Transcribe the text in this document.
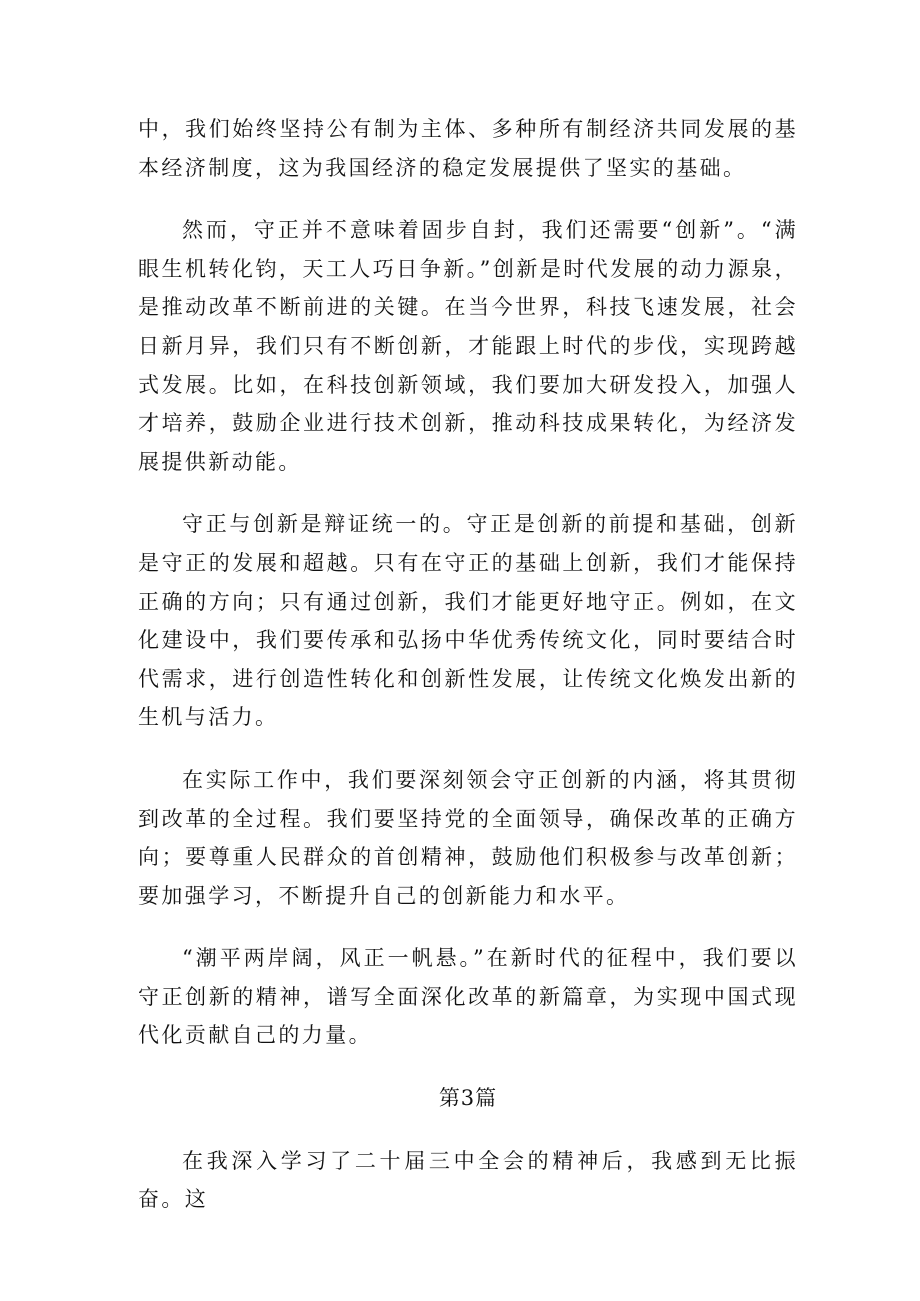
中，我们始终坚持公有制为主体、多种所有制经济共同发展的基本经济制度，这为我国经济的稳定发展提供了坚实的基础。

然而，守正并不意味着固步自封，我们还需要“创新”。“满眼生机转化钧，天工人巧日争新。”创新是时代发展的动力源泉，是推动改革不断前进的关键。在当今世界，科技飞速发展，社会日新月异，我们只有不断创新，才能跟上时代的步伐，实现跨越式发展。比如，在科技创新领域，我们要加大研发投入，加强人才培养，鼓励企业进行技术创新，推动科技成果转化，为经济发展提供新动能。

守正与创新是辩证统一的。守正是创新的前提和基础，创新是守正的发展和超越。只有在守正的基础上创新，我们才能保持正确的方向；只有通过创新，我们才能更好地守正。例如，在文化建设中，我们要传承和弘扬中华优秀传统文化，同时要结合时代需求，进行创造性转化和创新性发展，让传统文化焕发出新的生机与活力。

在实际工作中，我们要深刻领会守正创新的内涵，将其贯彻到改革的全过程。我们要坚持党的全面领导，确保改革的正确方向；要尊重人民群众的首创精神，鼓励他们积极参与改革创新；要加强学习，不断提升自己的创新能力和水平。

“潮平两岸阔，风正一帆悬。”在新时代的征程中，我们要以守正创新的精神，谱写全面深化改革的新篇章，为实现中国式现代化贡献自己的力量。

第3篇

在我深入学习了二十届三中全会的精神后，我感到无比振奋。这
